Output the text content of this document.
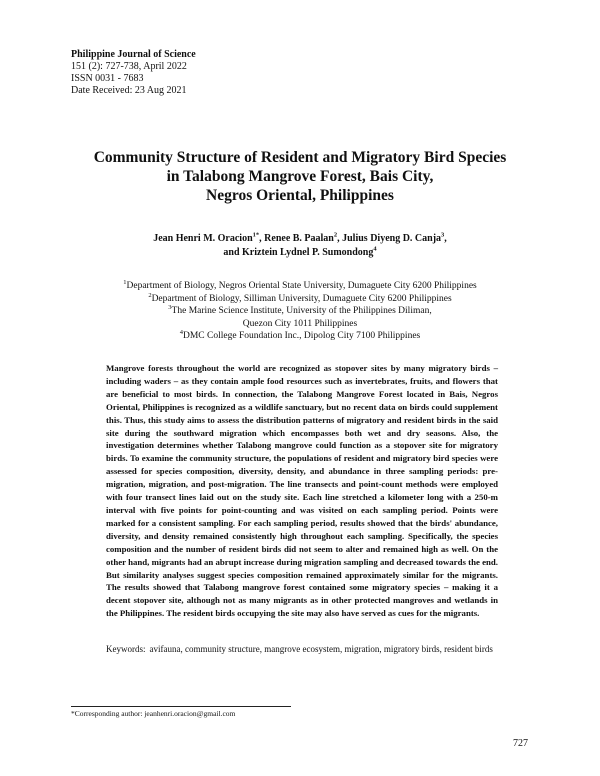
Philippine Journal of Science
151 (2): 727-738, April 2022
ISSN 0031 - 7683
Date Received: 23 Aug 2021
Community Structure of Resident and Migratory Bird Species
in Talabong Mangrove Forest, Bais City,
Negros Oriental, Philippines
Jean Henri M. Oracion$^{1*}$, Renee B. Paalan$^2$, Julius Diyeng D. Canja$^3$,
and Kriztein Lydnel P. Sumondong$^4$
$^1$Department of Biology, Negros Oriental State University, Dumaguete City 6200 Philippines
$^2$Department of Biology, Silliman University, Dumaguete City 6200 Philippines
$^3$The Marine Science Institute, University of the Philippines Diliman,
Quezon City 1011 Philippines
$^4$DMC College Foundation Inc., Dipolog City 7100 Philippines

Mangrove forests throughout the world are recognized as stopover sites by many migratory birds – including waders – as they contain ample food resources such as invertebrates, fruits, and flowers that are beneficial to most birds. In connection, the Talabong Mangrove Forest located in Bais, Negros Oriental, Philippines is recognized as a wildlife sanctuary, but no recent data on birds could supplement this. Thus, this study aims to assess the distribution patterns of migratory and resident birds in the said site during the southward migration which encompasses both wet and dry seasons. Also, the investigation determines whether Talabong mangrove could function as a stopover site for migratory birds. To examine the community structure, the populations of resident and migratory bird species were assessed for species composition, diversity, density, and abundance in three sampling periods: pre-migration, migration, and post-migration. The line transects and point-count methods were employed with four transect lines laid out on the study site. Each line stretched a kilometer long with a 250-m interval with five points for point-counting and was visited on each sampling period. Points were marked for a consistent sampling. For each sampling period, results showed that the birds' abundance, diversity, and density remained consistently high throughout each sampling. Specifically, the species composition and the number of resident birds did not seem to alter and remained high as well. On the other hand, migrants had an abrupt increase during migration sampling and decreased towards the end. But similarity analyses suggest species composition remained approximately similar for the migrants. The results showed that Talabong mangrove forest contained some migratory species – making it a decent stopover site, although not as many migrants as in other protected mangroves and wetlands in the Philippines. The resident birds occupying the site may also have served as cues for the migrants.

Keywords: avifauna, community structure, mangrove ecosystem, migration, migratory birds, resident birds
*Corresponding author: jeanhenri.oracion@gmail.com
727
